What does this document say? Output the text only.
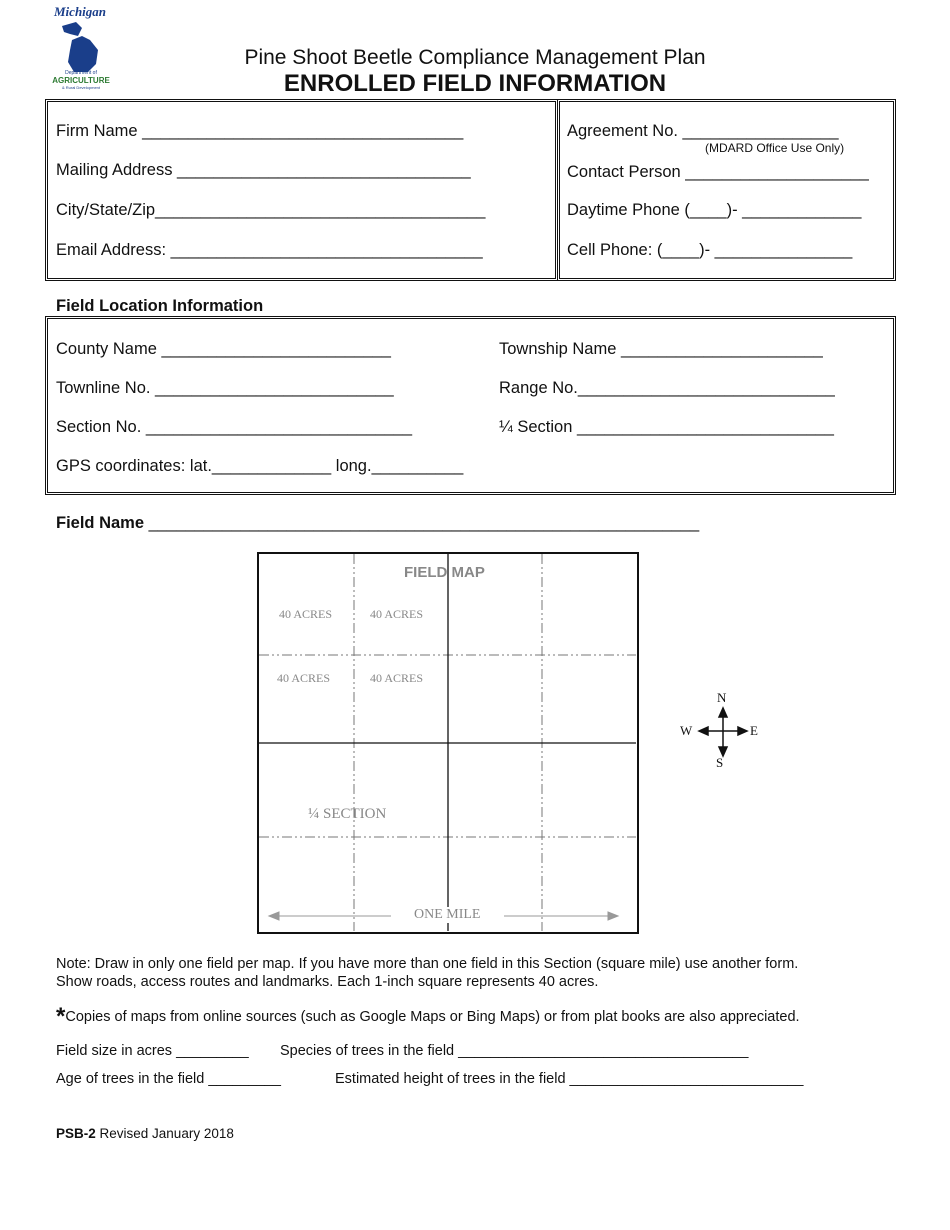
Michigan
Department of
AGRICULTURE
& Rural Development
Pine Shoot Beetle Compliance Management Plan
ENROLLED FIELD INFORMATION
Firm Name ___________________________________
Mailing Address ________________________________
City/State/Zip____________________________________
Email Address: __________________________________
Agreement No. _________________
(MDARD Office Use Only)
Contact Person ____________________
Daytime Phone (____)- _____________
Cell Phone: (____)- _______________
Field Location Information
County Name _________________________	Township Name ______________________
Townline No. __________________________	Range No.____________________________
Section No. _____________________________	¼ Section ____________________________
GPS coordinates: lat._____________ long.__________
Field Name ____________________________________________________________
FIELD MAP
40 ACRES	40 ACRES
40 ACRES	40 ACRES
¼ SECTION
ONE MILE
N
S
W	E
Note: Draw in only one field per map. If you have more than one field in this Section (square mile) use another form.
Show roads, access routes and landmarks. Each 1-inch square represents 40 acres.
*Copies of maps from online sources (such as Google Maps or Bing Maps) or from plat books are also appreciated.
Field size in acres _________ Species of trees in the field ____________________________________
Age of trees in the field _________	Estimated height of trees in the field _____________________________
PSB-2 Revised January 2018
